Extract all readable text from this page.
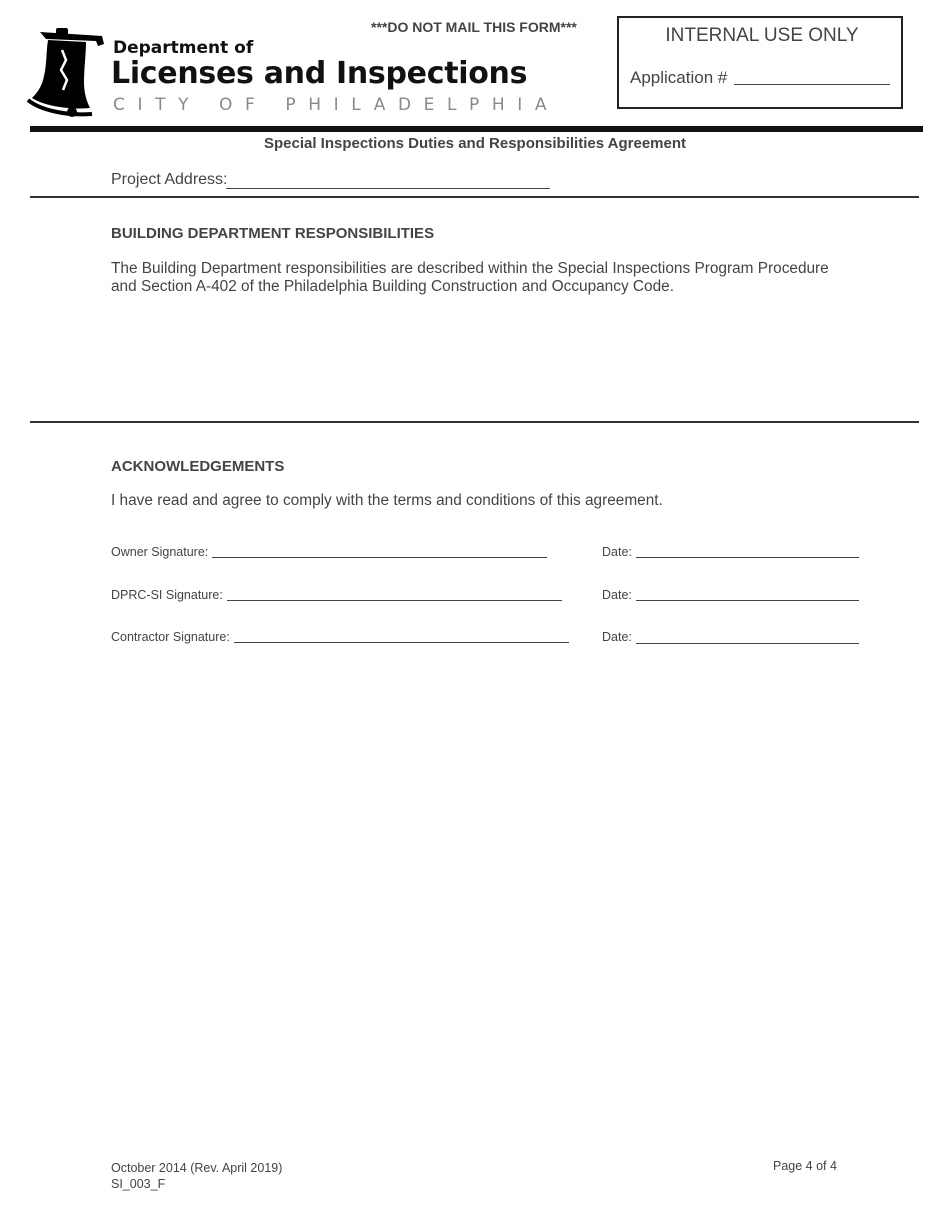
Department of
Licenses and Inspections
CITY OF PHILADELPHIA
***DO NOT MAIL THIS FORM***	INTERNAL USE ONLY
Application #
Special Inspections Duties and Responsibilities Agreement
Project Address:
BUILDING DEPARTMENT RESPONSIBILITIES
The Building Department responsibilities are described within the Special Inspections Program Procedure and Section A-402 of the Philadelphia Building Construction and Occupancy Code.
ACKNOWLEDGEMENTS
I have read and agree to comply with the terms and conditions of this agreement.
Owner Signature:	Date:
DPRC-SI Signature:	Date:
Contractor Signature:	Date:
October 2014 (Rev. April 2019)
SI_003_F
Page 4 of 4
